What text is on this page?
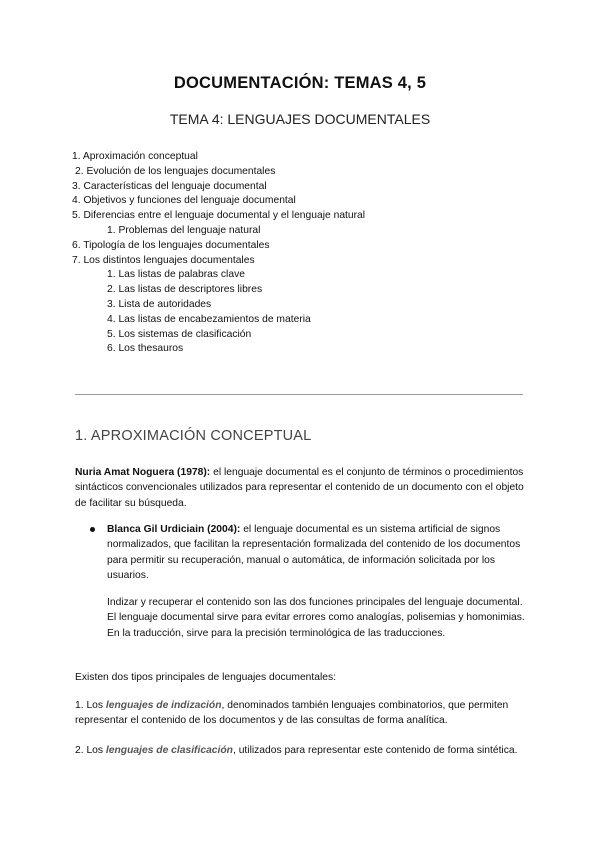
DOCUMENTACIÓN: TEMAS 4, 5
TEMA 4: LENGUAJES DOCUMENTALES
1. Aproximación conceptual
2. Evolución de los lenguajes documentales
3. Características del lenguaje documental
4. Objetivos y funciones del lenguaje documental
5. Diferencias entre el lenguaje documental y el lenguaje natural
1. Problemas del lenguaje natural
6. Tipología de los lenguajes documentales
7. Los distintos lenguajes documentales
1. Las listas de palabras clave
2. Las listas de descriptores libres
3. Lista de autoridades
4. Las listas de encabezamientos de materia
5. Los sistemas de clasificación
6. Los thesauros
1. APROXIMACIÓN CONCEPTUAL
Nuria Amat Noguera (1978): el lenguaje documental es el conjunto de términos o procedimientos sintácticos convencionales utilizados para representar el contenido de un documento con el objeto de facilitar su búsqueda.

Blanca Gil Urdiciain (2004): el lenguaje documental es un sistema artificial de signos normalizados, que facilitan la representación formalizada del contenido de los documentos para permitir su recuperación, manual o automática, de información solicitada por los usuarios.

Indizar y recuperar el contenido son las dos funciones principales del lenguaje documental. El lenguaje documental sirve para evitar errores como analogías, polisemias y homonimias. En la traducción, sirve para la precisión terminológica de las traducciones.

Existen dos tipos principales de lenguajes documentales:
1. Los lenguajes de indización, denominados también lenguajes combinatorios, que permiten representar el contenido de los documentos y de las consultas de forma analítica.
2. Los lenguajes de clasificación, utilizados para representar este contenido de forma sintética.
